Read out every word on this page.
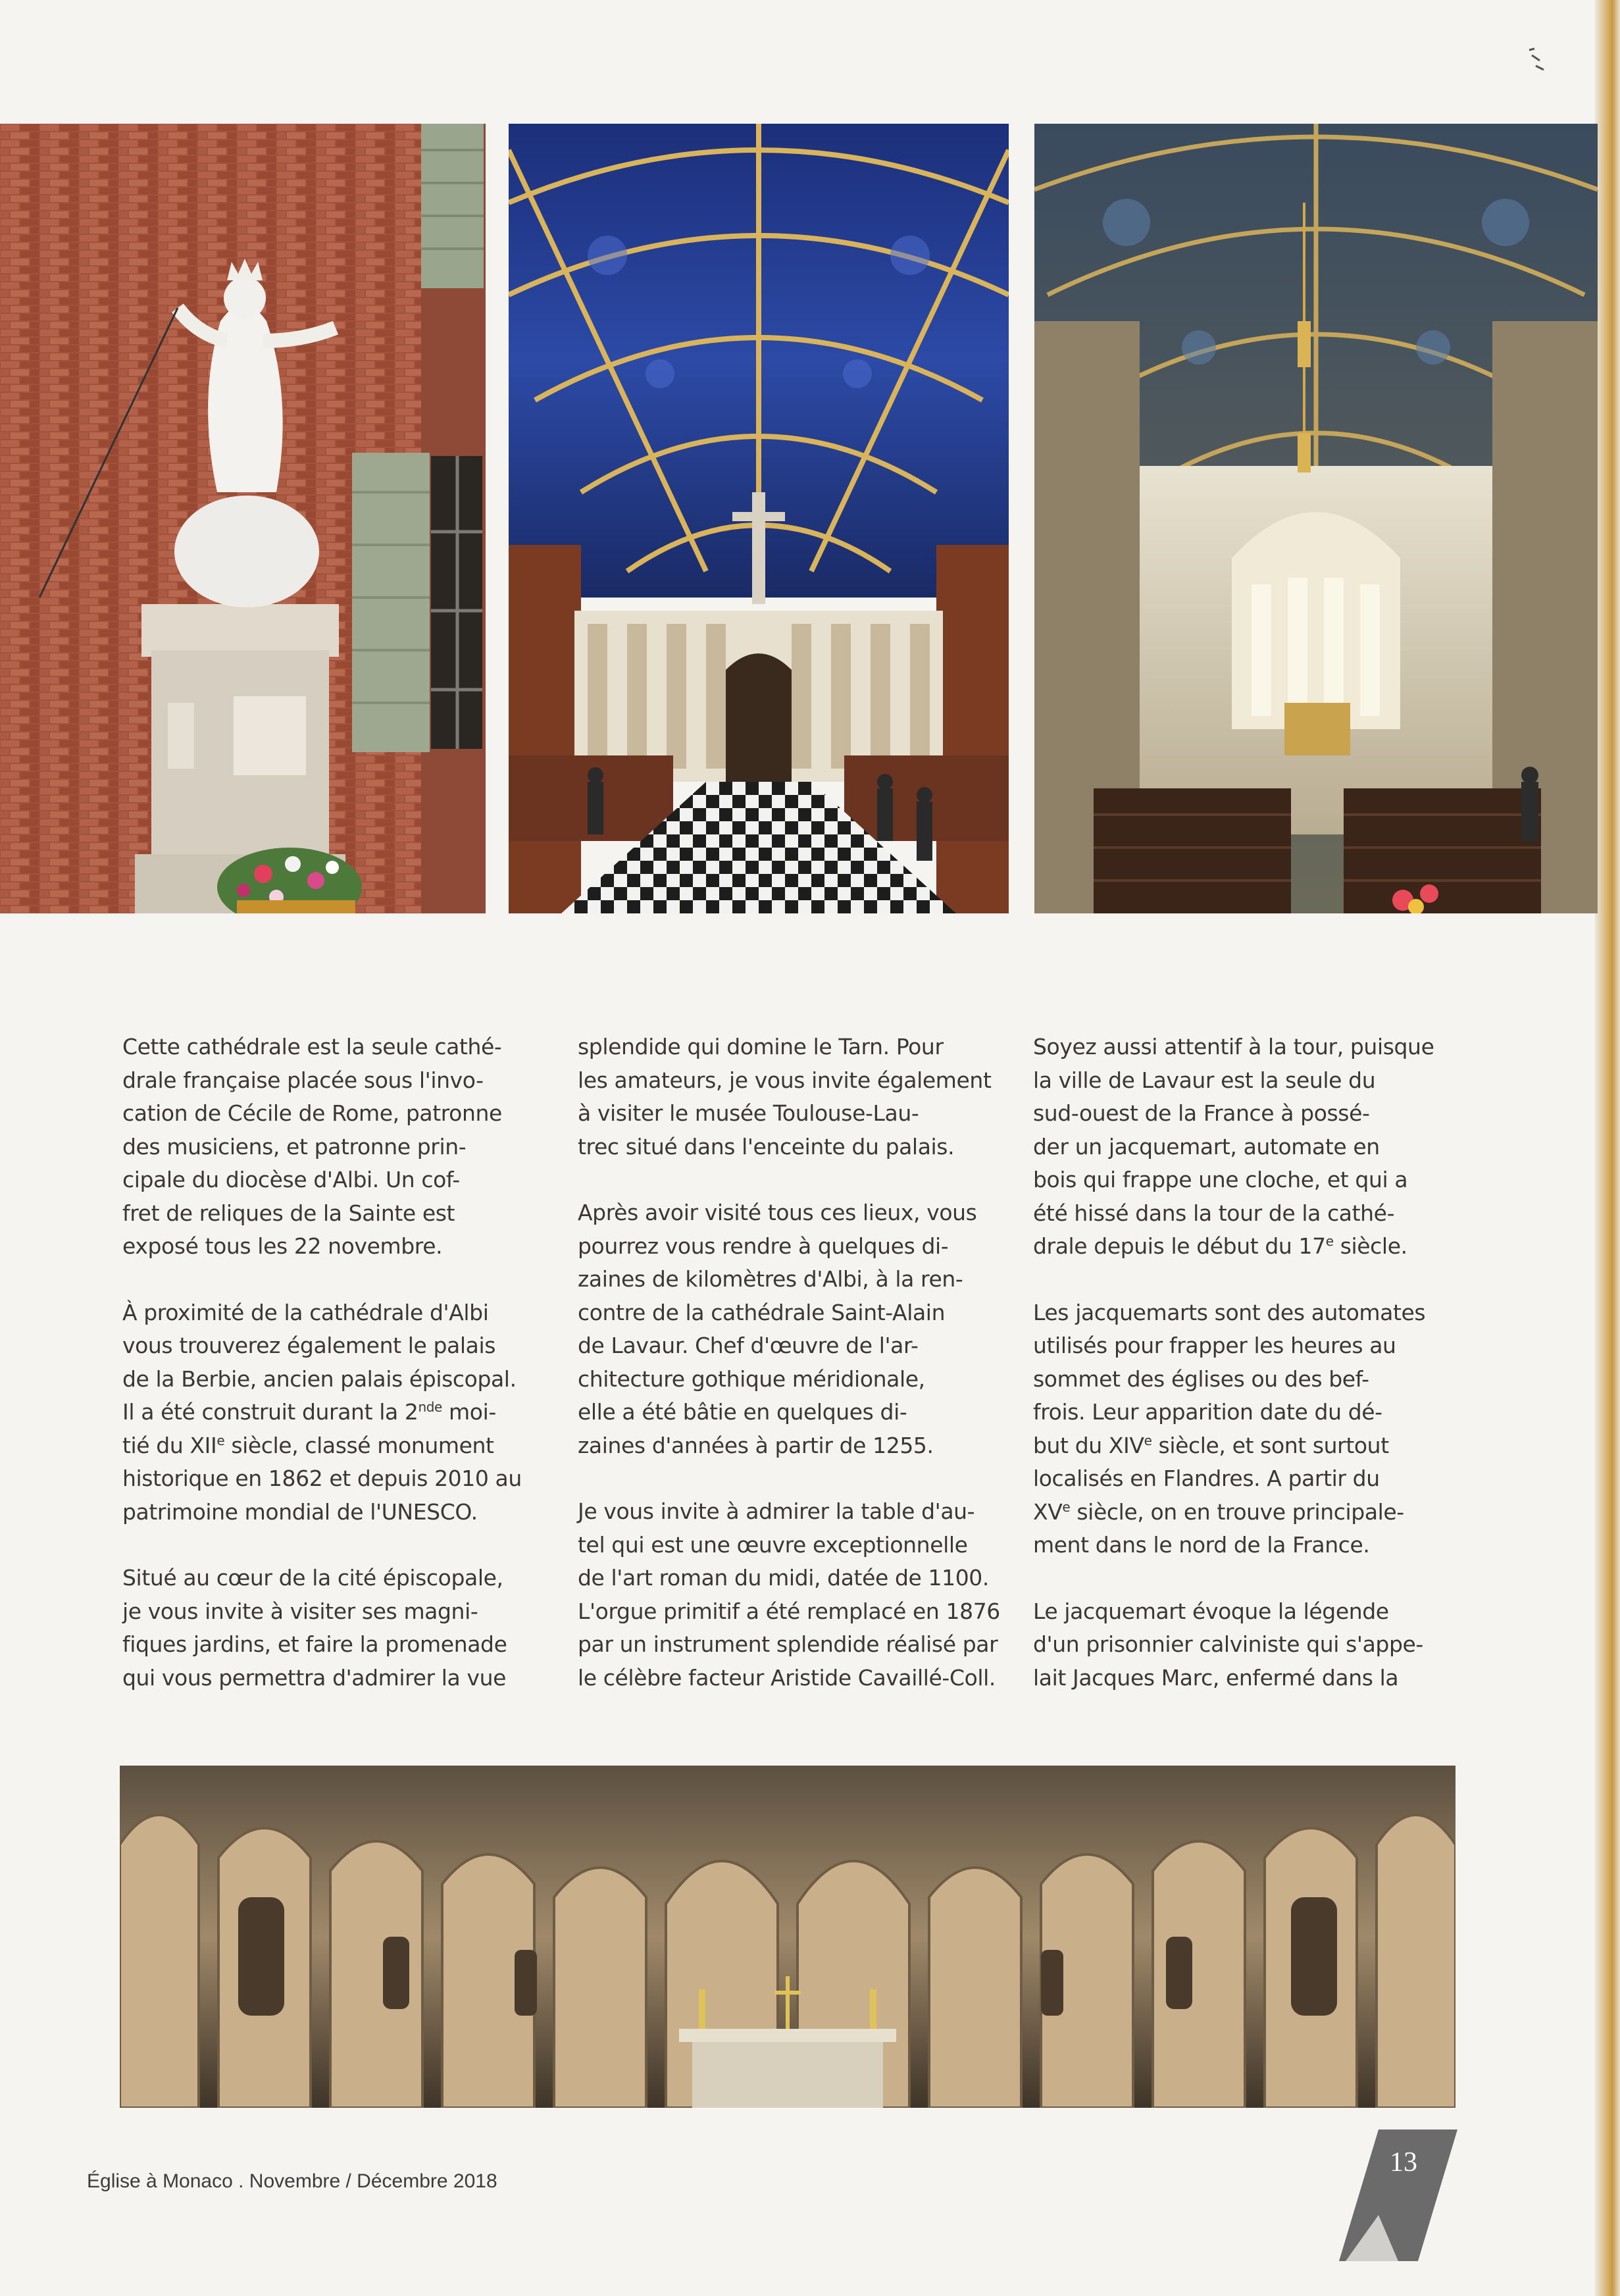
Cette cathédrale est la seule cathé-
drale française placée sous l'invo-
cation de Cécile de Rome, patronne
des musiciens, et patronne prin-
cipale du diocèse d'Albi. Un cof-
fret de reliques de la Sainte est
exposé tous les 22 novembre.

À proximité de la cathédrale d'Albi
vous trouverez également le palais
de la Berbie, ancien palais épiscopal.
Il a été construit durant la 2nde moi-
tié du XIIe siècle, classé monument
historique en 1862 et depuis 2010 au
patrimoine mondial de l'UNESCO.

Situé au cœur de la cité épiscopale,
je vous invite à visiter ses magni-
fiques jardins, et faire la promenade
qui vous permettra d'admirer la vue

splendide qui domine le Tarn. Pour
les amateurs, je vous invite également
à visiter le musée Toulouse-Lau-
trec situé dans l'enceinte du palais.

Après avoir visité tous ces lieux, vous
pourrez vous rendre à quelques di-
zaines de kilomètres d'Albi, à la ren-
contre de la cathédrale Saint-Alain
de Lavaur. Chef d'œuvre de l'ar-
chitecture gothique méridionale,
elle a été bâtie en quelques di-
zaines d'années à partir de 1255.

Je vous invite à admirer la table d'au-
tel qui est une œuvre exceptionnelle
de l'art roman du midi, datée de 1100.
L'orgue primitif a été remplacé en 1876
par un instrument splendide réalisé par
le célèbre facteur Aristide Cavaillé-Coll.

Soyez aussi attentif à la tour, puisque
la ville de Lavaur est la seule du
sud-ouest de la France à possé-
der un jacquemart, automate en
bois qui frappe une cloche, et qui a
été hissé dans la tour de la cathé-
drale depuis le début du 17e siècle.

Les jacquemarts sont des automates
utilisés pour frapper les heures au
sommet des églises ou des bef-
frois. Leur apparition date du dé-
but du XIVe siècle, et sont surtout
localisés en Flandres. A partir du
XVe siècle, on en trouve principale-
ment dans le nord de la France.

Le jacquemart évoque la légende
d'un prisonnier calviniste qui s'appe-
lait Jacques Marc, enfermé dans la

Église à Monaco . Novembre / Décembre 2018
13
